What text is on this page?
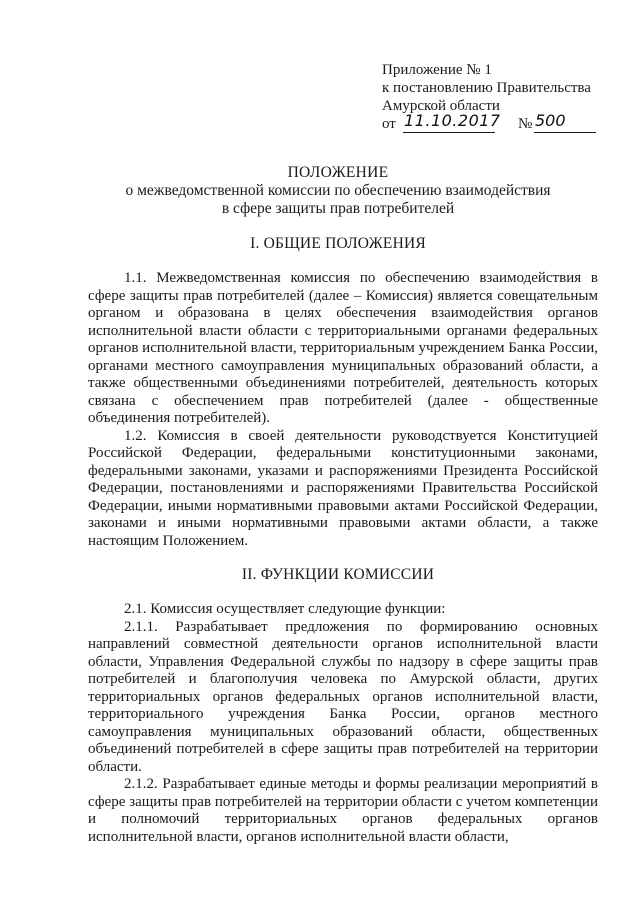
Приложение № 1
к постановлению Правительства
Амурской области
от 11.10.2017 № 500
ПОЛОЖЕНИЕ
о межведомственной комиссии по обеспечению взаимодействия
в сфере защиты прав потребителей
I. ОБЩИЕ ПОЛОЖЕНИЯ

1.1. Межведомственная комиссия по обеспечению взаимодействия в сфере защиты прав потребителей (далее – Комиссия) является совещательным органом и образована в целях обеспечения взаимодействия органов исполнительной власти области с территориальными органами федеральных органов исполнительной власти, территориальным учреждением Банка России, органами местного самоуправления муниципальных образований области, а также общественными объединениями потребителей, деятельность которых связана с обеспечением прав потребителей (далее - общественные объединения потребителей).

1.2. Комиссия в своей деятельности руководствуется Конституцией Российской Федерации, федеральными конституционными законами, федеральными законами, указами и распоряжениями Президента Российской Федерации, постановлениями и распоряжениями Правительства Российской Федерации, иными нормативными правовыми актами Российской Федерации, законами и иными нормативными правовыми актами области, а также настоящим Положением.

II. ФУНКЦИИ КОМИССИИ

2.1. Комиссия осуществляет следующие функции:

2.1.1. Разрабатывает предложения по формированию основных направлений совместной деятельности органов исполнительной власти области, Управления Федеральной службы по надзору в сфере защиты прав потребителей и благополучия человека по Амурской области, других территориальных органов федеральных органов исполнительной власти, территориального учреждения Банка России, органов местного самоуправления муниципальных образований области, общественных объединений потребителей в сфере защиты прав потребителей на территории области.

2.1.2. Разрабатывает единые методы и формы реализации мероприятий в сфере защиты прав потребителей на территории области с учетом компетенции и полномочий территориальных органов федеральных органов исполнительной власти, органов исполнительной власти области,
